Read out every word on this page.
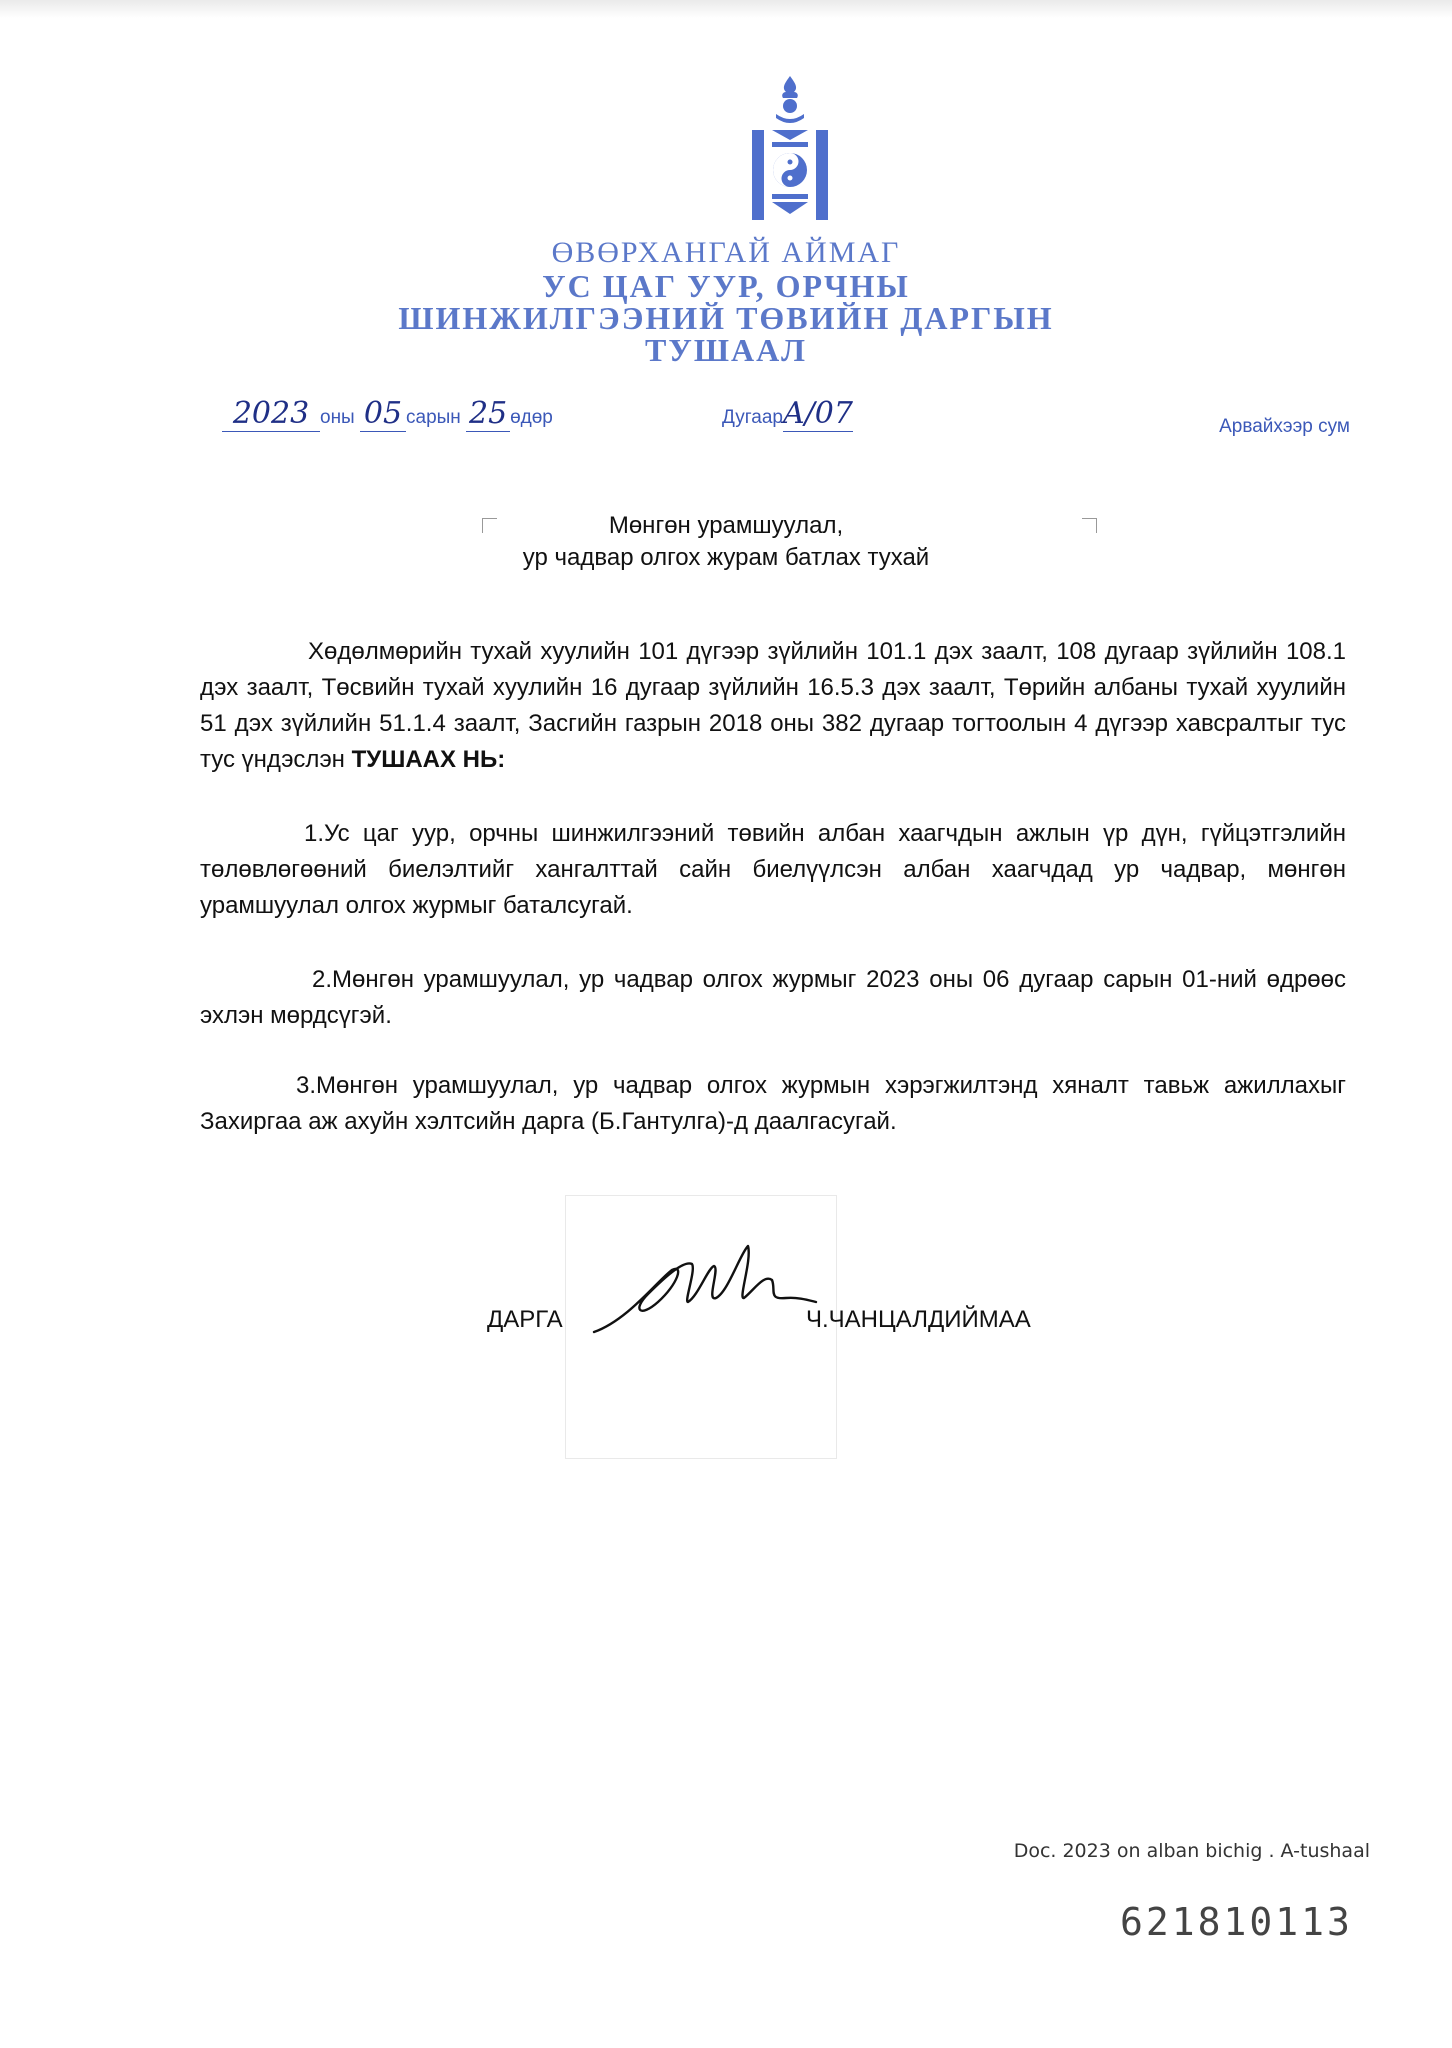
ӨВӨРХАНГАЙ АЙМАГ
УС ЦАГ УУР, ОРЧНЫ
ШИНЖИЛГЭЭНИЙ ТӨВИЙН ДАРГЫН
ТУШААЛ
2023 оны 05 сарын 25 өдөр	ДугаарA/07	Арвайхээр сум
Мөнгөн урамшуулал,
ур чадвар олгох журам батлах тухай

Хөдөлмөрийн тухай хуулийн 101 дүгээр зүйлийн 101.1 дэх заалт, 108 дугаар зүйлийн 108.1 дэх заалт, Төсвийн тухай хуулийн 16 дугаар зүйлийн 16.5.3 дэх заалт, Төрийн албаны тухай хуулийн 51 дэх зүйлийн 51.1.4 заалт, Засгийн газрын 2018 оны 382 дугаар тогтоолын 4 дүгээр хавсралтыг тус тус үндэслэн ТУШААХ НЬ:

1.Ус цаг уур, орчны шинжилгээний төвийн албан хаагчдын ажлын үр дүн, гүйцэтгэлийн төлөвлөгөөний биелэлтийг хангалттай сайн биелүүлсэн албан хаагчдад ур чадвар, мөнгөн урамшуулал олгох журмыг баталсугай.

2.Мөнгөн урамшуулал, ур чадвар олгох журмыг 2023 оны 06 дугаар сарын 01-ний өдрөөс эхлэн мөрдсүгэй.

3.Мөнгөн урамшуулал, ур чадвар олгох журмын хэрэгжилтэнд хяналт тавьж ажиллахыг Захиргаа аж ахуйн хэлтсийн дарга (Б.Гантулга)-д даалгасугай.

ДАРГА	Ч.ЧАНЦАЛДИЙМАА
Doc. 2023 on alban bichig . A-tushaal
621810113
